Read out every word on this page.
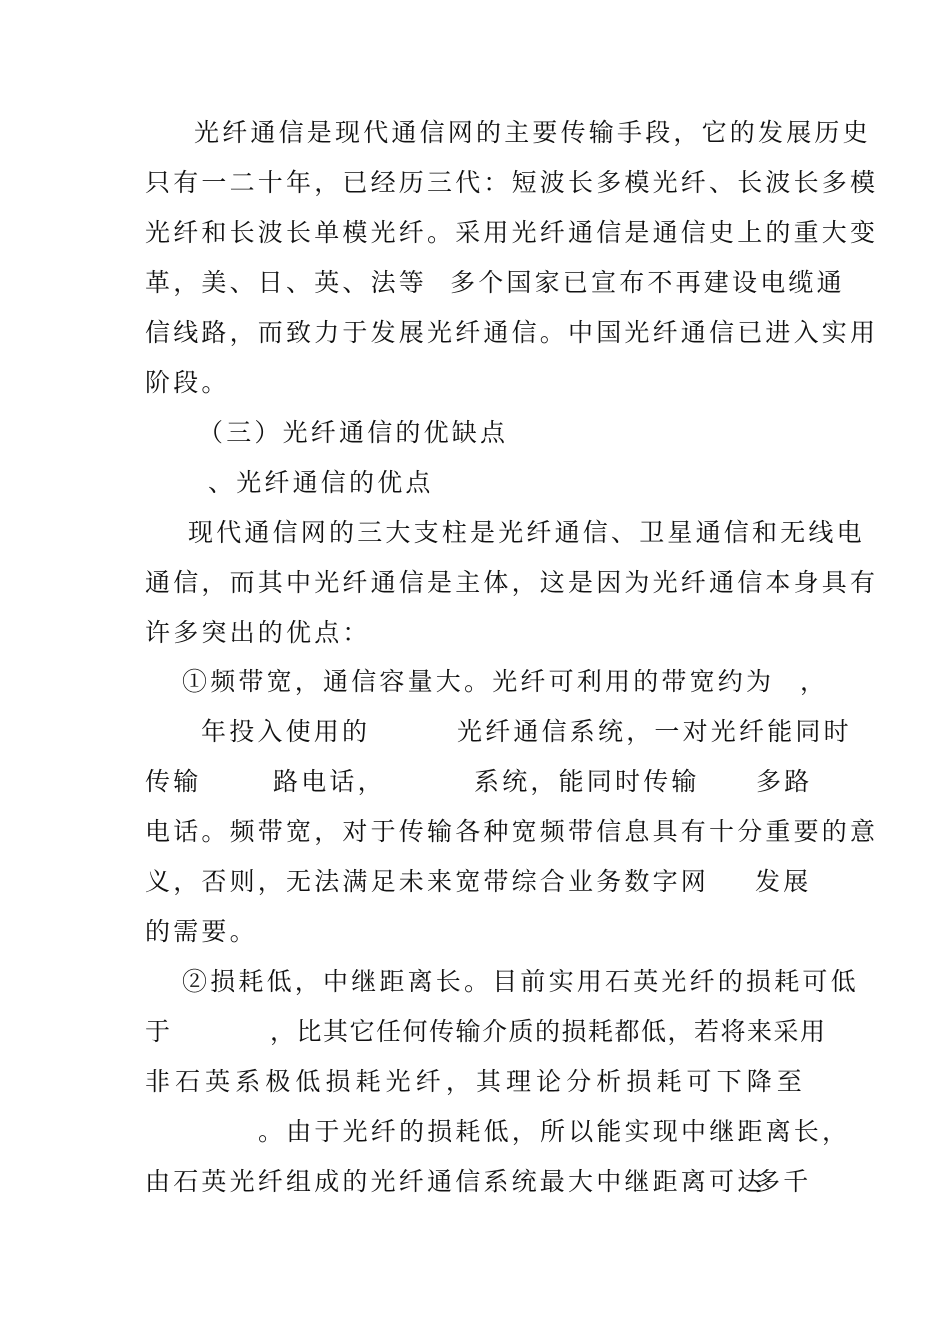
光纤通信是现代通信网的主要传输手段，它的发展历史
只有一二十年，已经历三代：短波长多模光纤、长波长多模
光纤和长波长单模光纤。采用光纤通信是通信史上的重大变
革，美、日、英、法等 多个国家已宣布不再建设电缆通
信线路，而致力于发展光纤通信。中国光纤通信已进入实用
阶段。
（三）光纤通信的优缺点
、光纤通信的优点
现代通信网的三大支柱是光纤通信、卫星通信和无线电
通信，而其中光纤通信是主体，这是因为光纤通信本身具有
许多突出的优点：
①频带宽，通信容量大。光纤可利用的带宽约为 ，
年投入使用的	光纤通信系统，一对光纤能同时
传输	路电话，	系统，能同时传输 多路
电话。频带宽，对于传输各种宽频带信息具有十分重要的意
义，否则，无法满足未来宽带综合业务数字网 发展
的需要。
②损耗低，中继距离长。目前实用石英光纤的损耗可低
于	，比其它任何传输介质的损耗都低，若将来采用
非石英系极低损耗光纤，其理论分析损耗可下降至
。由于光纤的损耗低，所以能实现中继距离长，
由石英光纤组成的光纤通信系统最大中继距离可达
多千
